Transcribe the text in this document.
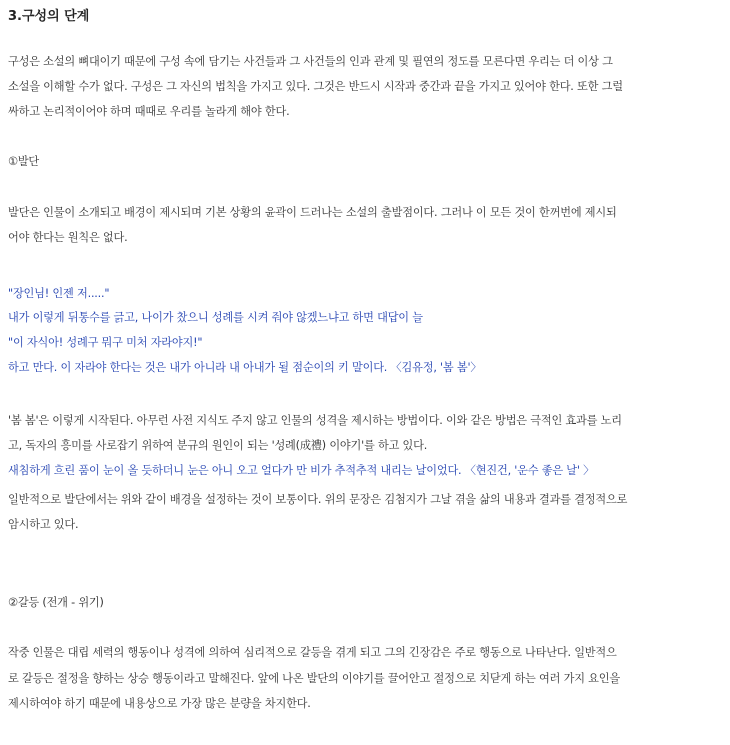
3.구성의 단계
구성은 소설의 뼈대이기 때문에 구성 속에 담기는 사건들과 그 사건들의 인과 관계 및 필연의 정도를 모른다면 우리는 더 이상 그
소설을 이해할 수가 없다. 구성은 그 자신의 법칙을 가지고 있다. 그것은 반드시 시작과 중간과 끝을 가지고 있어야 한다. 또한 그럴
싸하고 논리적이어야 하며 때때로 우리를 놀라게 해야 한다.
①발단
발단은 인물이 소개되고 배경이 제시되며 기본 상황의 윤곽이 드러나는 소설의 출발점이다. 그러나 이 모든 것이 한꺼번에 제시되
어야 한다는 원칙은 없다.
"장인님! 인젠 저....."
내가 이렇게 뒤통수를 긁고, 나이가 찼으니 성례를 시켜 줘야 않겠느냐고 하면 대답이 늘
"이 자식아! 성례구 뭐구 미처 자라야지!"
하고 만다. 이 자라야 한다는 것은 내가 아니라 내 아내가 될 점순이의 키 말이다. 〈김유정, '봄 봄'〉
'봄 봄'은 이렇게 시작된다. 아무런 사전 지식도 주지 않고 인물의 성격을 제시하는 방법이다. 이와 같은 방법은 극적인 효과를 노리
고, 독자의 흥미를 사로잡기 위하여 분규의 원인이 되는 '성례(成禮) 이야기'를 하고 있다.
새침하게 흐린 품이 눈이 올 듯하더니 눈은 아니 오고 얼다가 만 비가 추적추적 내리는 날이었다. 〈현진건, '운수 좋은 날' 〉
일반적으로 발단에서는 위와 같이 배경을 설정하는 것이 보통이다. 위의 문장은 김첨지가 그날 겪을 삶의 내용과 결과를 결정적으로
암시하고 있다.
②갈등 (전개 - 위기)
작중 인물은 대립 세력의 행동이나 성격에 의하여 심리적으로 갈등을 겪게 되고 그의 긴장감은 주로 행동으로 나타난다. 일반적으
로 갈등은 절정을 향하는 상승 행동이라고 말해진다. 앞에 나온 발단의 이야기를 끌어안고 절정으로 치닫게 하는 여러 가지 요인을
제시하여야 하기 때문에 내용상으로 가장 많은 분량을 차지한다.
